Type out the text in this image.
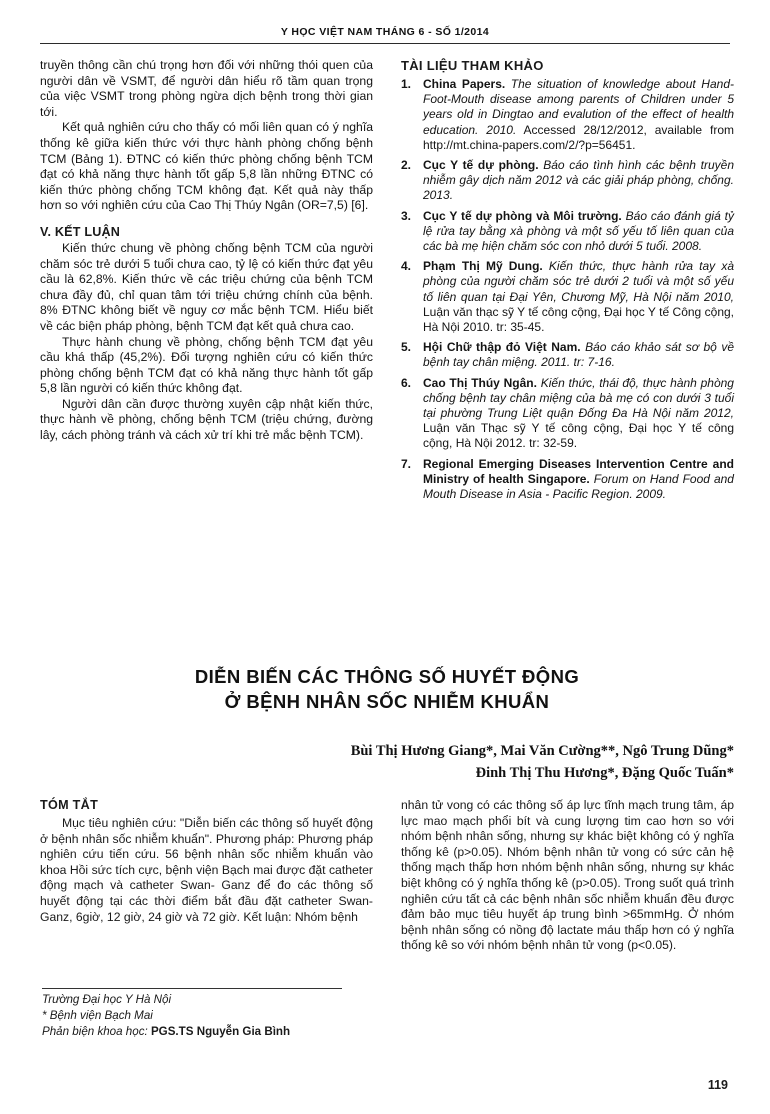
Y HỌC VIỆT NAM THÁNG 6 - SỐ 1/2014

truyền thông cần chú trọng hơn đối với những thói quen của người dân về VSMT, để người dân hiểu rõ tầm quan trọng của việc VSMT trong phòng ngừa dịch bệnh trong thời gian tới.

Kết quả nghiên cứu cho thấy có mối liên quan có ý nghĩa thống kê giữa kiến thức với thực hành phòng chống bệnh TCM (Bảng 1). ĐTNC có kiến thức phòng chống bệnh TCM đạt có khả năng thực hành tốt gấp 5,8 lần những ĐTNC có kiến thức phòng chống TCM không đạt. Kết quả này thấp hơn so với nghiên cứu của Cao Thị Thúy Ngân (OR=7,5) [6].

V. KẾT LUẬN

Kiến thức chung về phòng chống bệnh TCM của người chăm sóc trẻ dưới 5 tuổi chưa cao, tỷ lệ có kiến thức đạt yêu cầu là 62,8%. Kiến thức về các triệu chứng của bệnh TCM chưa đầy đủ, chỉ quan tâm tới triệu chứng chính của bệnh. 8% ĐTNC không biết về nguy cơ mắc bệnh TCM. Hiểu biết về các biện pháp phòng, bệnh TCM đạt kết quả chưa cao.

Thực hành chung về phòng, chống bệnh TCM đạt yêu cầu khá thấp (45,2%). Đối tượng nghiên cứu có kiến thức phòng chống bệnh TCM đạt có khả năng thực hành tốt gấp 5,8 lần người có kiến thức không đạt.

Người dân cần được thường xuyên cập nhật kiến thức, thực hành về phòng, chống bệnh TCM (triệu chứng, đường lây, cách phòng tránh và cách xử trí khi trẻ mắc bệnh TCM).

TÀI LIỆU THAM KHẢO
1. China Papers. The situation of knowledge about Hand-Foot-Mouth disease among parents of Children under 5 years old in Dingtao and evalution of the effect of health education. 2010. Accessed 28/12/2012, available from http://mt.china-papers.com/2/?p=56451.
2. Cục Y tế dự phòng. Báo cáo tình hình các bệnh truyền nhiễm gây dịch năm 2012 và các giải pháp phòng, chống. 2013.
3. Cục Y tế dự phòng và Môi trường. Báo cáo đánh giá tỷ lệ rửa tay bằng xà phòng và một số yếu tố liên quan của các bà mẹ hiện chăm sóc con nhỏ dưới 5 tuổi. 2008.
4. Phạm Thị Mỹ Dung. Kiến thức, thực hành rửa tay xà phòng của người chăm sóc trẻ dưới 2 tuổi và một số yếu tố liên quan tại Đại Yên, Chương Mỹ, Hà Nội năm 2010, Luận văn thạc sỹ Y tế công cộng, Đại học Y tế Công cộng, Hà Nội 2010. tr: 35-45.
5. Hội Chữ thập đỏ Việt Nam. Báo cáo khảo sát sơ bộ về bệnh tay chân miệng. 2011. tr: 7-16.
6. Cao Thị Thúy Ngân. Kiến thức, thái độ, thực hành phòng chống bệnh tay chân miệng của bà mẹ có con dưới 3 tuổi tại phường Trung Liệt quận Đống Đa Hà Nội năm 2012, Luận văn Thạc sỹ Y tế công cộng, Đại học Y tế công cộng, Hà Nội 2012. tr: 32-59.
7. Regional Emerging Diseases Intervention Centre and Ministry of health Singapore. Forum on Hand Food and Mouth Disease in Asia - Pacific Region. 2009.
DIỄN BIẾN CÁC THÔNG SỐ HUYẾT ĐỘNG
Ở BỆNH NHÂN SỐC NHIỄM KHUẨN
Bùi Thị Hương Giang*, Mai Văn Cường**, Ngô Trung Dũng*
Đinh Thị Thu Hương*, Đặng Quốc Tuấn*
TÓM TẮT

Mục tiêu nghiên cứu: "Diễn biến các thông số huyết động ở bệnh nhân sốc nhiễm khuẩn". Phương pháp: Phương pháp nghiên cứu tiến cứu. 56 bệnh nhân sốc nhiễm khuẩn vào khoa Hồi sức tích cực, bệnh viện Bạch mai được đặt catheter động mạch và catheter Swan- Ganz để đo các thông số huyết động tại các thời điểm bắt đầu đặt catheter Swan- Ganz, 6giờ, 12 giờ, 24 giờ và 72 giờ. Kết luận: Nhóm bệnh

nhân tử vong có các thông số áp lực tĩnh mạch trung tâm, áp lực mao mạch phổi bít và cung lượng tim cao hơn so với nhóm bệnh nhân sống, nhưng sự khác biệt không có ý nghĩa thống kê (p>0.05). Nhóm bệnh nhân tử vong có sức cản hệ thống mạch thấp hơn nhóm bệnh nhân sống, nhưng sự khác biệt không có ý nghĩa thống kê (p>0.05). Trong suốt quá trình nghiên cứu tất cả các bệnh nhân sốc nhiễm khuẩn đều được đảm bảo mục tiêu huyết áp trung bình >65mmHg. Ở nhóm bệnh nhân sống có nồng độ lactate máu thấp hơn có ý nghĩa thống kê so với nhóm bệnh nhân tử vong (p<0.05).

Trường Đại học Y Hà Nội
* Bệnh viện Bạch Mai
Phản biện khoa học: PGS.TS Nguyễn Gia Bình
119
